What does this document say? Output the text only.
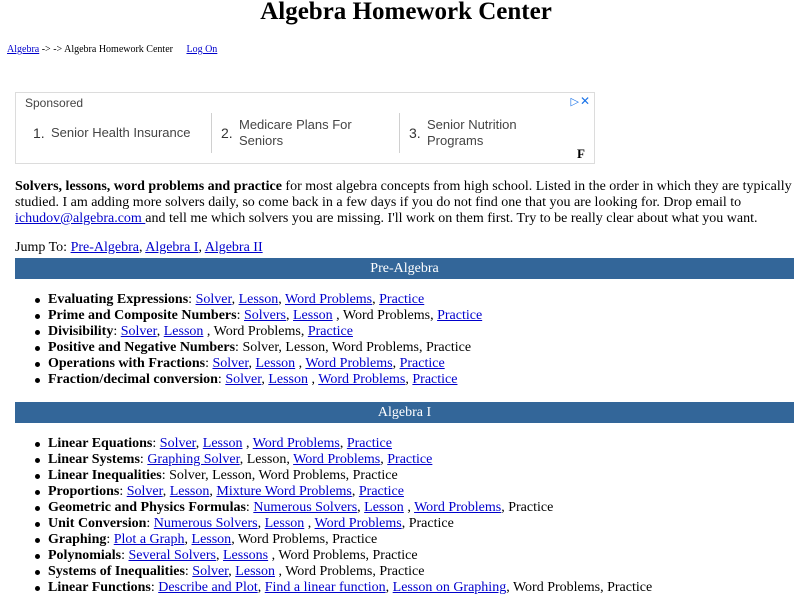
Algebra Homework Center
Algebra -> -> Algebra Homework Center Log On
Sponsored	▷✕
1. Senior Health Insurance 2.
Medicare Plans For Seniors	3.
Senior Nutrition Programs
F
Solvers, lessons, word problems and practice for most algebra concepts from high school. Listed in the order in which they are typically studied. I am adding more solvers daily, so come back in a few days if you do not find one that you are looking for. Drop email to ichudov@algebra.com and tell me which solvers you are missing. I'll work on them first. Try to be really clear about what you want.
Jump To: Pre-Algebra, Algebra I, Algebra II
Pre-Algebra
Evaluating Expressions: Solver, Lesson, Word Problems, Practice
Prime and Composite Numbers: Solvers, Lesson , Word Problems, Practice
Divisibility: Solver, Lesson , Word Problems, Practice
Positive and Negative Numbers: Solver, Lesson, Word Problems, Practice
Operations with Fractions: Solver, Lesson , Word Problems, Practice
Fraction/decimal conversion: Solver, Lesson , Word Problems, Practice
Algebra I
Linear Equations: Solver, Lesson , Word Problems, Practice
Linear Systems: Graphing Solver, Lesson, Word Problems, Practice
Linear Inequalities: Solver, Lesson, Word Problems, Practice
Proportions: Solver, Lesson, Mixture Word Problems, Practice
Geometric and Physics Formulas: Numerous Solvers, Lesson , Word Problems, Practice
Unit Conversion: Numerous Solvers, Lesson , Word Problems, Practice
Graphing: Plot a Graph, Lesson, Word Problems, Practice
Polynomials: Several Solvers, Lessons , Word Problems, Practice
Systems of Inequalities: Solver, Lesson , Word Problems, Practice
Linear Functions: Describe and Plot, Find a linear function, Lesson on Graphing, Word Problems, Practice
